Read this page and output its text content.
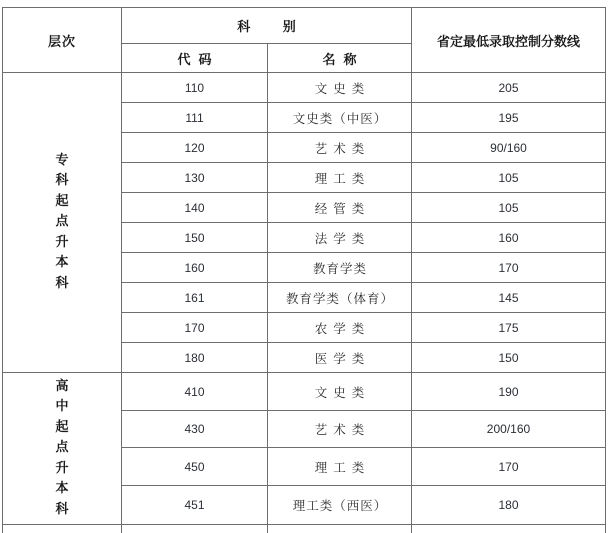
层次	科 别		省定最低录取控制分数线
	代码	名称	
专科起点升本科	110	文史类	205
	111	文史类（中医）	195
	120	艺术类	90/160
	130	理工类	105
	140	经管类	105
	150	法学类	160
	160	教育学类	170
	161	教育学类（体育）	145
	170	农学类	175
	180	医学类	150
高中起点升本科	410	文史类	190
	430	艺术类	200/160
	450	理工类	170
	451	理工类（西医）	180
